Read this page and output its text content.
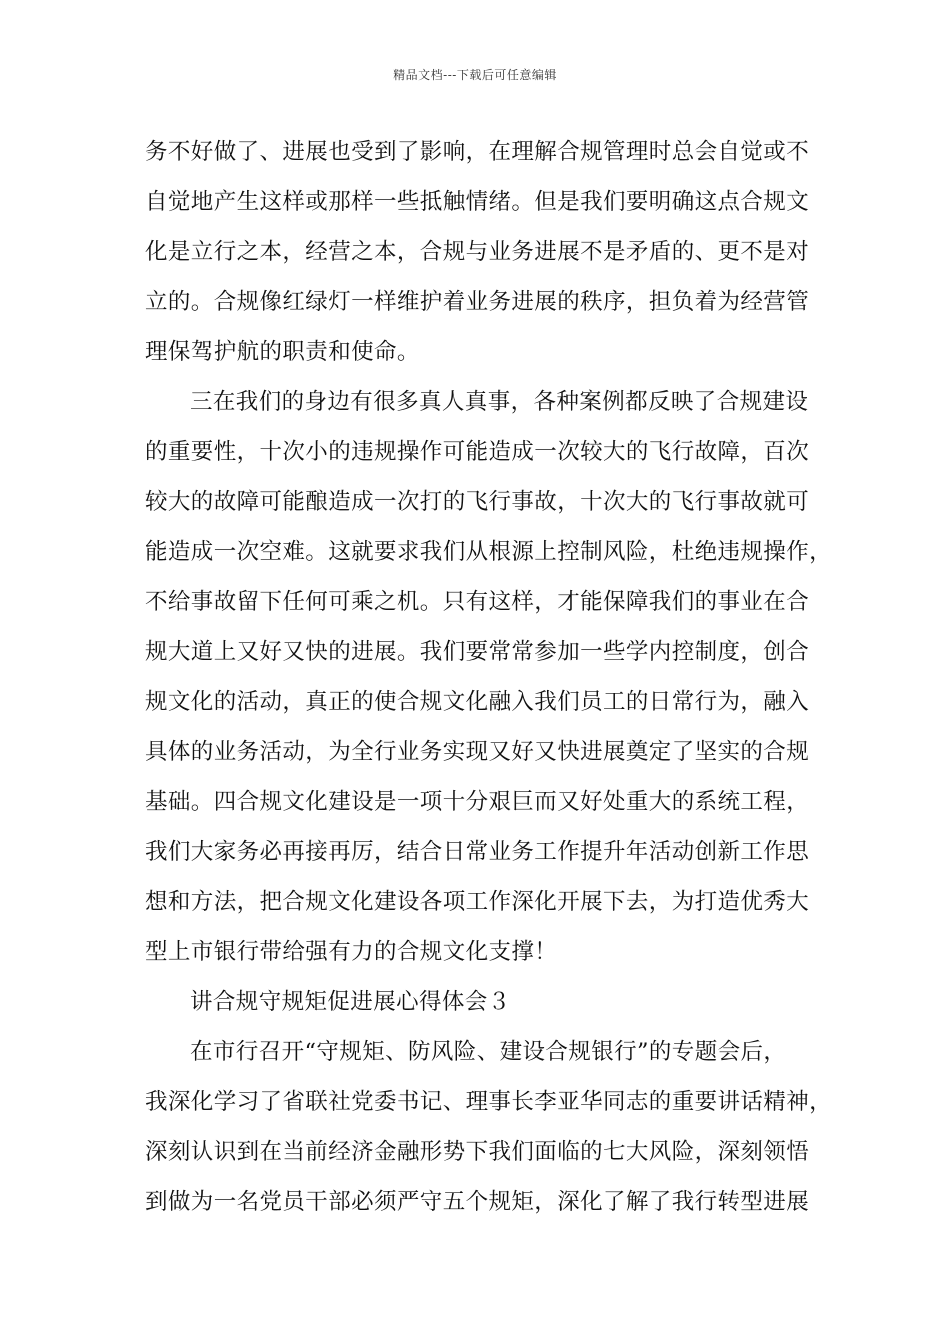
精品文档---下载后可任意编辑
务不好做了、进展也受到了影响，在理解合规管理时总会自觉或不
自觉地产生这样或那样一些抵触情绪。但是我们要明确这点合规文
化是立行之本，经营之本，合规与业务进展不是矛盾的、更不是对
立的。合规像红绿灯一样维护着业务进展的秩序，担负着为经营管
理保驾护航的职责和使命。
三在我们的身边有很多真人真事，各种案例都反映了合规建设
的重要性，十次小的违规操作可能造成一次较大的飞行故障，百次
较大的故障可能酿造成一次打的飞行事故，十次大的飞行事故就可
能造成一次空难。这就要求我们从根源上控制风险，杜绝违规操作，
不给事故留下任何可乘之机。只有这样，才能保障我们的事业在合
规大道上又好又快的进展。我们要常常参加一些学内控制度，创合
规文化的活动，真正的使合规文化融入我们员工的日常行为，融入
具体的业务活动，为全行业务实现又好又快进展奠定了坚实的合规
基础。四合规文化建设是一项十分艰巨而又好处重大的系统工程，
我们大家务必再接再厉，结合日常业务工作提升年活动创新工作思
想和方法，把合规文化建设各项工作深化开展下去，为打造优秀大
型上市银行带给强有力的合规文化支撑！
讲合规守规矩促进展心得体会３
在市行召开“守规矩、防风险、建设合规银行”的专题会后，
我深化学习了省联社党委书记、理事长李亚华同志的重要讲话精神，
深刻认识到在当前经济金融形势下我们面临的七大风险，深刻领悟
到做为一名党员干部必须严守五个规矩，深化了解了我行转型进展
